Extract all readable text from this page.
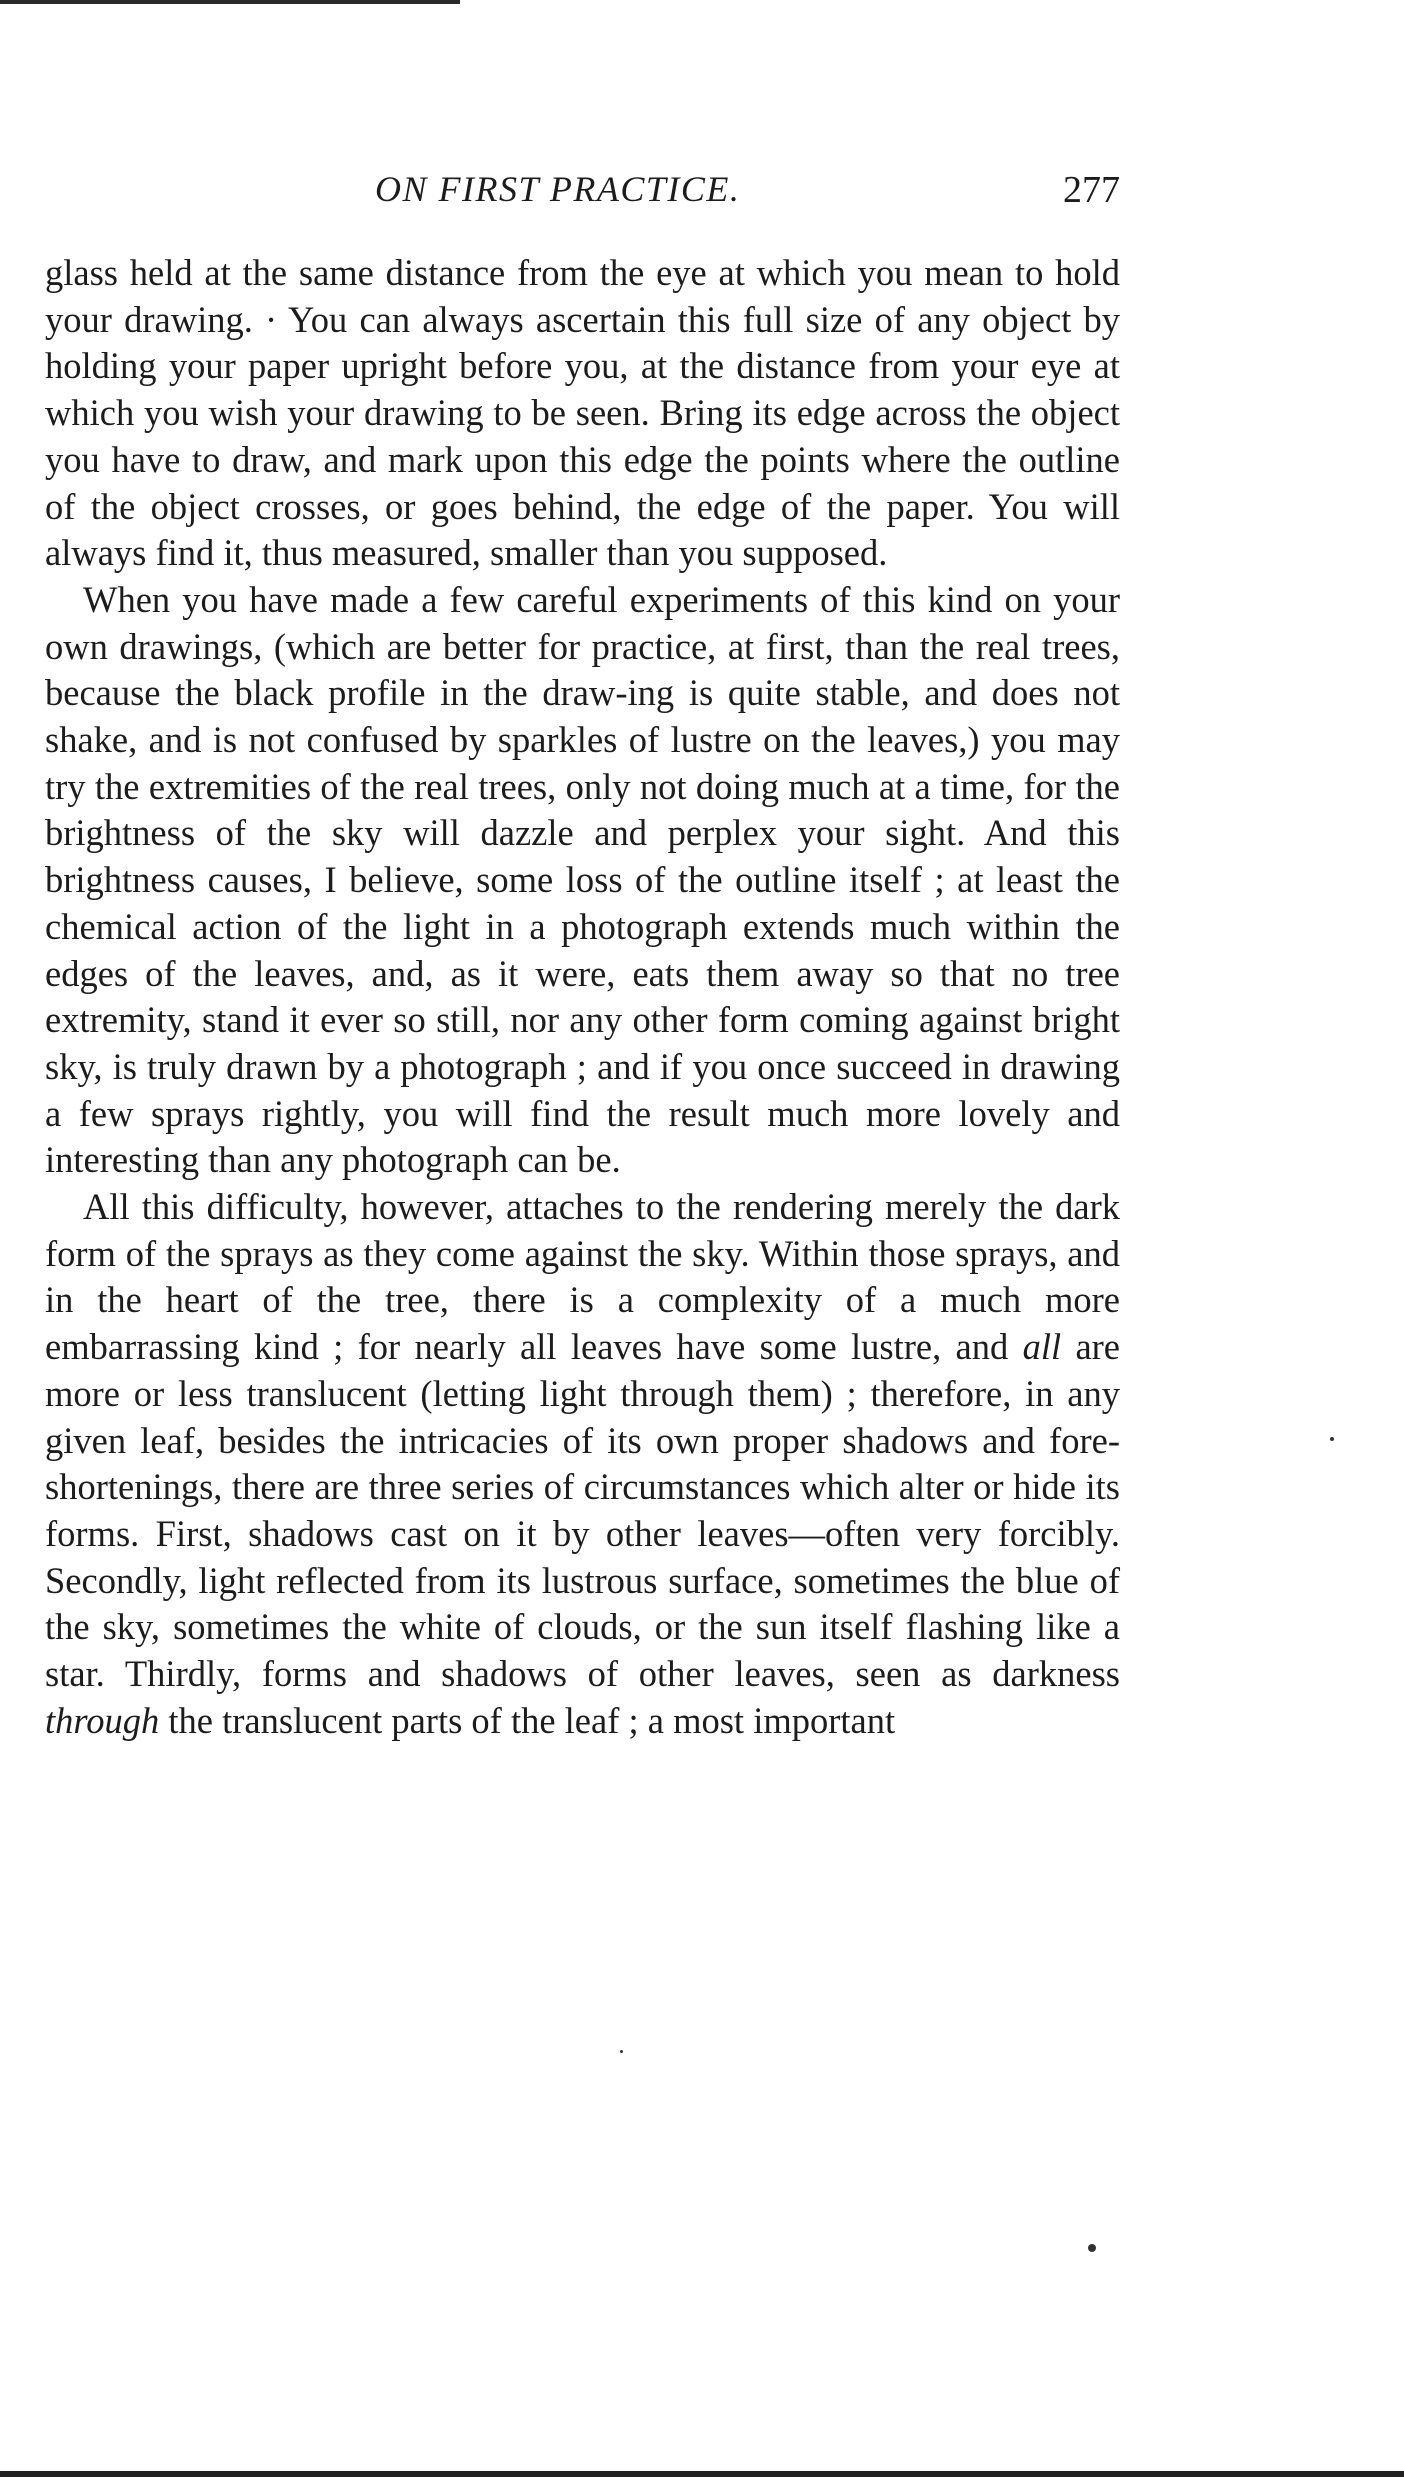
ON FIRST PRACTICE.	277

glass held at the same distance from the eye at which you mean to hold your drawing. · You can always ascertain this full size of any object by holding your paper upright before you, at the distance from your eye at which you wish your drawing to be seen. Bring its edge across the object you have to draw, and mark upon this edge the points where the outline of the object crosses, or goes behind, the edge of the paper. You will always find it, thus measured, smaller than you supposed.

When you have made a few careful experiments of this kind on your own drawings, (which are better for practice, at first, than the real trees, because the black profile in the draw-ing is quite stable, and does not shake, and is not confused by sparkles of lustre on the leaves,) you may try the extremities of the real trees, only not doing much at a time, for the brightness of the sky will dazzle and perplex your sight. And this brightness causes, I believe, some loss of the outline itself ; at least the chemical action of the light in a photograph extends much within the edges of the leaves, and, as it were, eats them away so that no tree extremity, stand it ever so still, nor any other form coming against bright sky, is truly drawn by a photograph ; and if you once succeed in drawing a few sprays rightly, you will find the result much more lovely and interesting than any photograph can be.

All this difficulty, however, attaches to the rendering merely the dark form of the sprays as they come against the sky. Within those sprays, and in the heart of the tree, there is a complexity of a much more embarrassing kind ; for nearly all leaves have some lustre, and all are more or less translucent (letting light through them) ; therefore, in any given leaf, besides the intricacies of its own proper shadows and fore-shortenings, there are three series of circumstances which alter or hide its forms. First, shadows cast on it by other leaves—often very forcibly. Secondly, light reflected from its lustrous surface, sometimes the blue of the sky, sometimes the white of clouds, or the sun itself flashing like a star. Thirdly, forms and shadows of other leaves, seen as darkness through the translucent parts of the leaf ; a most important
